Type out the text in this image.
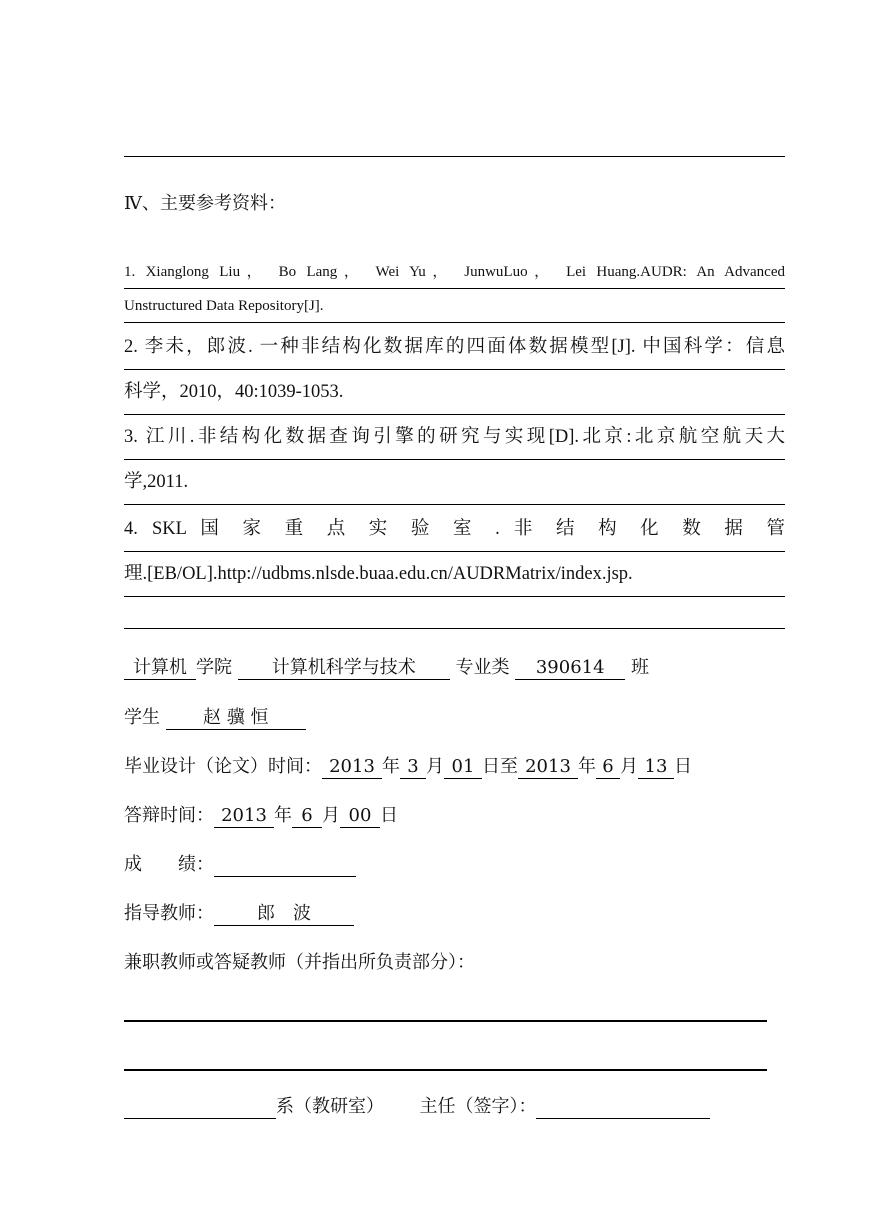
Ⅳ、主要参考资料：
1. Xianglong Liu， Bo Lang， Wei Yu， JunwuLuo， Lei Huang.AUDR: An Advanced
Unstructured Data Repository[J].
2. 李未，郎波. 一种非结构化数据库的四面体数据模型[J]. 中国科学：信息
科学，2010，40:1039-1053.
3. 江川.非结构化数据查询引擎的研究与实现[D].北京:北京航空航天大
学,2011.
4. SKL 国 家 重 点 实 验 室 . 非 结 构 化 数 据 管
理.[EB/OL].http://udbms.nlsde.buaa.edu.cn/AUDRMatrix/index.jsp.
计算机 学院 计算机科学与技术 专业类 390614 班
学生 赵 骥 恒
毕业设计（论文）时间： 2013 年 3 月 01 日至 2013 年 6 月 13 日
答辩时间： 2013 年 6 月 00 日
成　　绩：
指导教师： 郎　波
兼职教师或答疑教师（并指出所负责部分）：
系（教研室） 主任（签字）：
